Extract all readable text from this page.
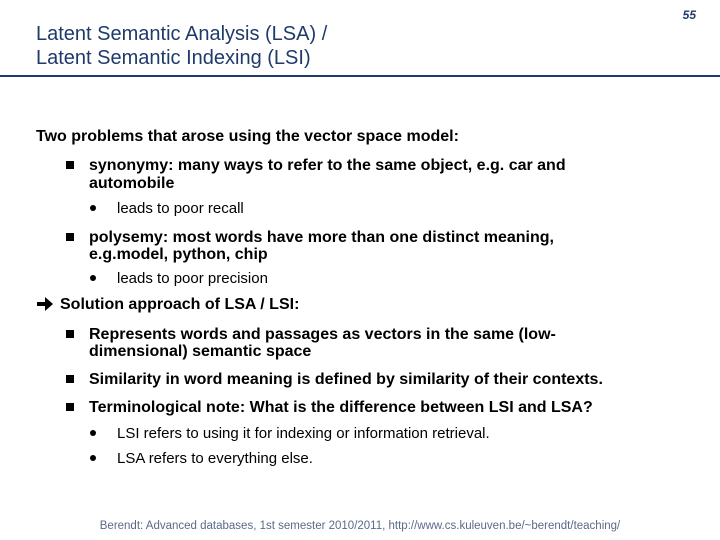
55
Latent Semantic Analysis (LSA) /
Latent Semantic Indexing (LSI)
Two problems that arose using the vector space model:
synonymy: many ways to refer to the same object, e.g. car and
automobile
leads to poor recall
polysemy: most words have more than one distinct meaning,
e.g.model, python, chip
leads to poor precision
Solution approach of LSA / LSI:
Represents words and passages as vectors in the same (low-
dimensional) semantic space
Similarity in word meaning is defined by similarity of their contexts.
Terminological note: What is the difference between LSI and LSA?
LSI refers to using it for indexing or information retrieval.
LSA refers to everything else.
Berendt: Advanced databases, 1st semester 2010/2011, http://www.cs.kuleuven.be/~berendt/teaching/
